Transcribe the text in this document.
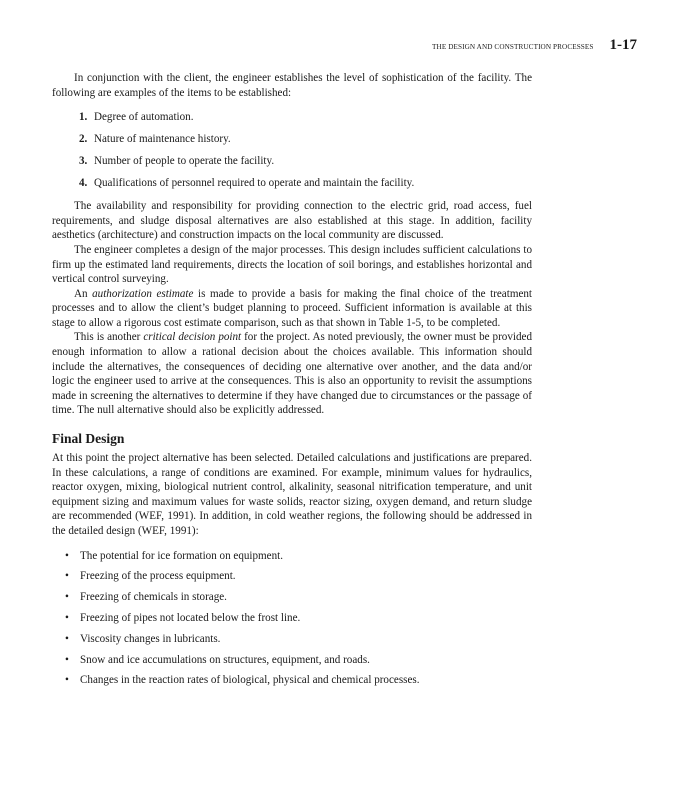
THE DESIGN AND CONSTRUCTION PROCESSES 1-17

In conjunction with the client, the engineer establishes the level of sophistication of the facility. The following are examples of the items to be established:

1. Degree of automation.
2. Nature of maintenance history.
3. Number of people to operate the facility.
4. Qualifications of personnel required to operate and maintain the facility.

The availability and responsibility for providing connection to the electric grid, road access, fuel requirements, and sludge disposal alternatives are also established at this stage. In addition, facility aesthetics (architecture) and construction impacts on the local community are discussed.

The engineer completes a design of the major processes. This design includes sufficient calculations to firm up the estimated land requirements, directs the location of soil borings, and establishes horizontal and vertical control surveying.

An authorization estimate is made to provide a basis for making the final choice of the treatment processes and to allow the client’s budget planning to proceed. Sufficient information is available at this stage to allow a rigorous cost estimate comparison, such as that shown in Table 1-5, to be completed.

This is another critical decision point for the project. As noted previously, the owner must be provided enough information to allow a rational decision about the choices available. This information should include the alternatives, the consequences of deciding one alternative over another, and the data and/or logic the engineer used to arrive at the consequences. This is also an opportunity to revisit the assumptions made in screening the alternatives to determine if they have changed due to circumstances or the passage of time. The null alternative should also be explicitly addressed.

Final Design

At this point the project alternative has been selected. Detailed calculations and justifications are prepared. In these calculations, a range of conditions are examined. For example, minimum values for hydraulics, reactor oxygen, mixing, biological nutrient control, alkalinity, seasonal nitrification temperature, and unit equipment sizing and maximum values for waste solids, reactor sizing, oxygen demand, and return sludge are recommended (WEF, 1991). In addition, in cold weather regions, the following should be addressed in the detailed design (WEF, 1991):

• The potential for ice formation on equipment.
• Freezing of the process equipment.
• Freezing of chemicals in storage.
• Freezing of pipes not located below the frost line.
• Viscosity changes in lubricants.
• Snow and ice accumulations on structures, equipment, and roads.
• Changes in the reaction rates of biological, physical and chemical processes.
